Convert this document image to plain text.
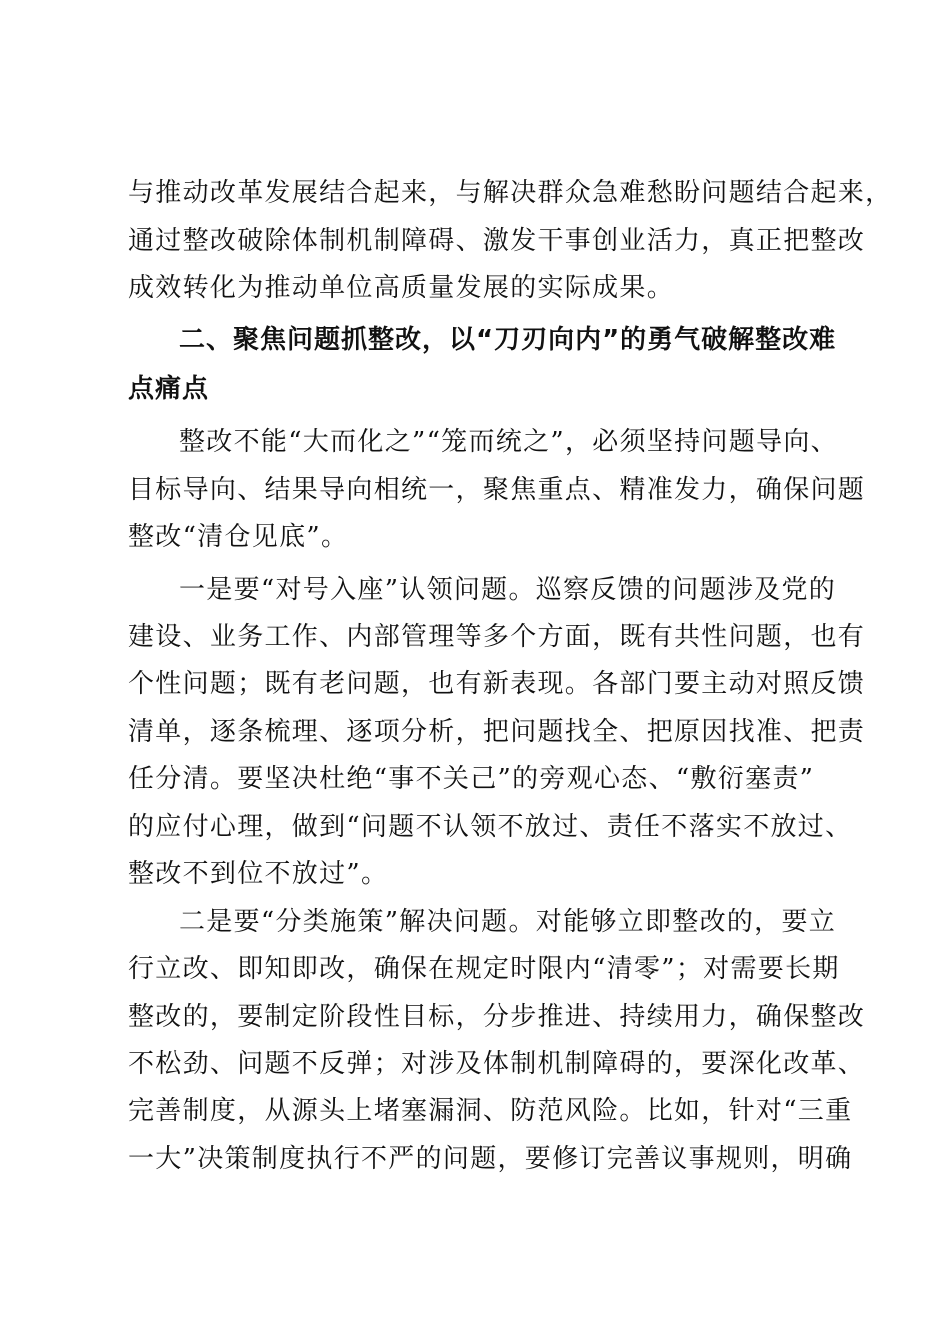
与推动改革发展结合起来，与解决群众急难愁盼问题结合起来，
通过整改破除体制机制障碍、激发干事创业活力，真正把整改
成效转化为推动单位高质量发展的实际成果。
二、聚焦问题抓整改，以“刀刃向内”的勇气破解整改难
点痛点
整改不能“大而化之”“笼而统之”，必须坚持问题导向、
目标导向、结果导向相统一，聚焦重点、精准发力，确保问题
整改“清仓见底”。
一是要“对号入座”认领问题。巡察反馈的问题涉及党的
建设、业务工作、内部管理等多个方面，既有共性问题，也有
个性问题；既有老问题，也有新表现。各部门要主动对照反馈
清单，逐条梳理、逐项分析，把问题找全、把原因找准、把责
任分清。要坚决杜绝“事不关己”的旁观心态、“敷衍塞责”
的应付心理，做到“问题不认领不放过、责任不落实不放过、
整改不到位不放过”。
二是要“分类施策”解决问题。对能够立即整改的，要立
行立改、即知即改，确保在规定时限内“清零”；对需要长期
整改的，要制定阶段性目标，分步推进、持续用力，确保整改
不松劲、问题不反弹；对涉及体制机制障碍的，要深化改革、
完善制度，从源头上堵塞漏洞、防范风险。比如，针对“三重
一大”决策制度执行不严的问题，要修订完善议事规则，明确
